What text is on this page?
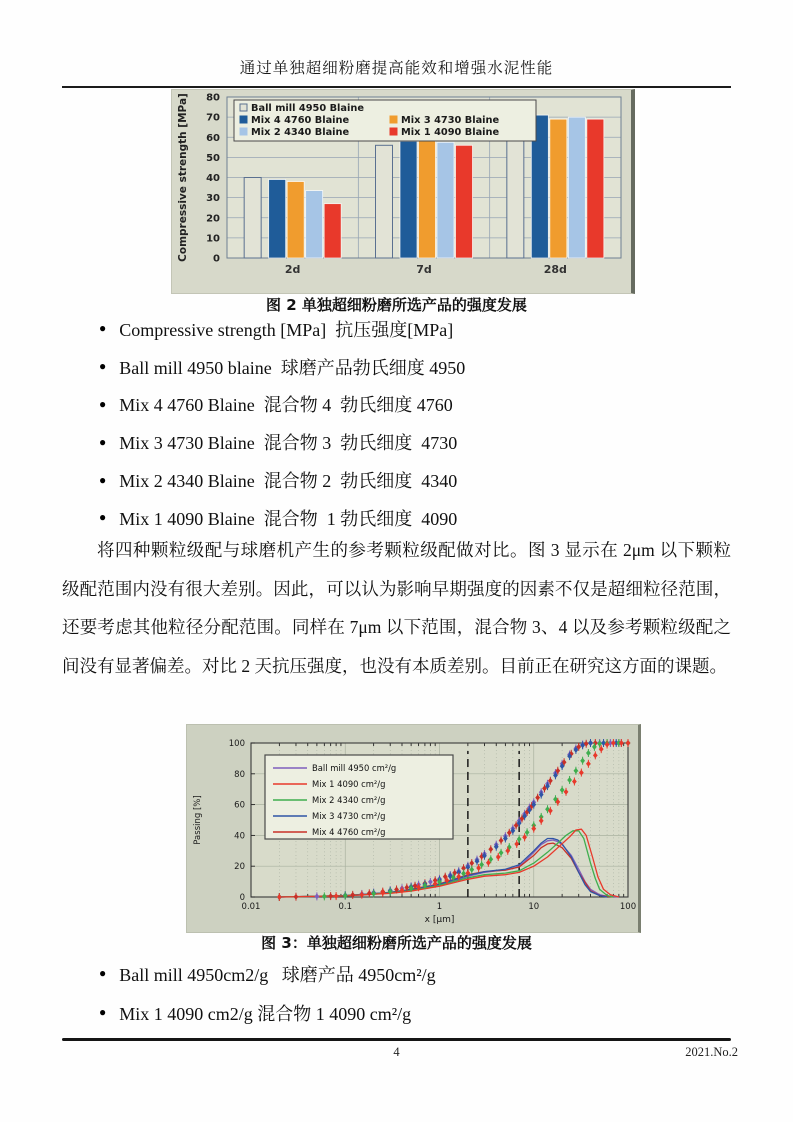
通过单独超细粉磨提高能效和增强水泥性能
0
10
20
30
40
50
60
70
80
2d	7d	28d
Compressive strength [MPa]	Ball mill 4950 Blaine
Mix 4 4760 Blaine	Mix 3 4730 Blaine
Mix 2 4340 Blaine	Mix 1 4090 Blaine
图 2 单独超细粉磨所选产品的强度发展
● Compressive strength [MPa]  抗压强度[MPa]
● Ball mill 4950 blaine  球磨产品勃氏细度 4950
● Mix 4 4760 Blaine  混合物 4  勃氏细度 4760
● Mix 3 4730 Blaine  混合物 3  勃氏细度  4730
● Mix 2 4340 Blaine  混合物 2  勃氏细度  4340
● Mix 1 4090 Blaine  混合物  1 勃氏细度  4090

将四种颗粒级配与球磨机产生的参考颗粒级配做对比。图 3 显示在 2μm 以下颗粒级配范围内没有很大差别。因此，可以认为影响早期强度的因素不仅是超细粒径范围，还要考虑其他粒径分配范围。同样在 7μm 以下范围，混合物 3、4 以及参考颗粒级配之间没有显著偏差。对比 2 天抗压强度，也没有本质差别。目前正在研究这方面的课题。

0
20
40
60
80
100
0.01	0.1	1	10	100
x [μm]
Passing [%]
Ball mill 4950 cm²/g
Mix 1 4090 cm²/g
Mix 2 4340 cm²/g
Mix 3 4730 cm²/g
Mix 4 4760 cm²/g
图 3：单独超细粉磨所选产品的强度发展
● Ball mill 4950cm2/g   球磨产品 4950cm²/g
● Mix 1 4090 cm2/g 混合物 1 4090 cm²/g
4	2021.No.2
